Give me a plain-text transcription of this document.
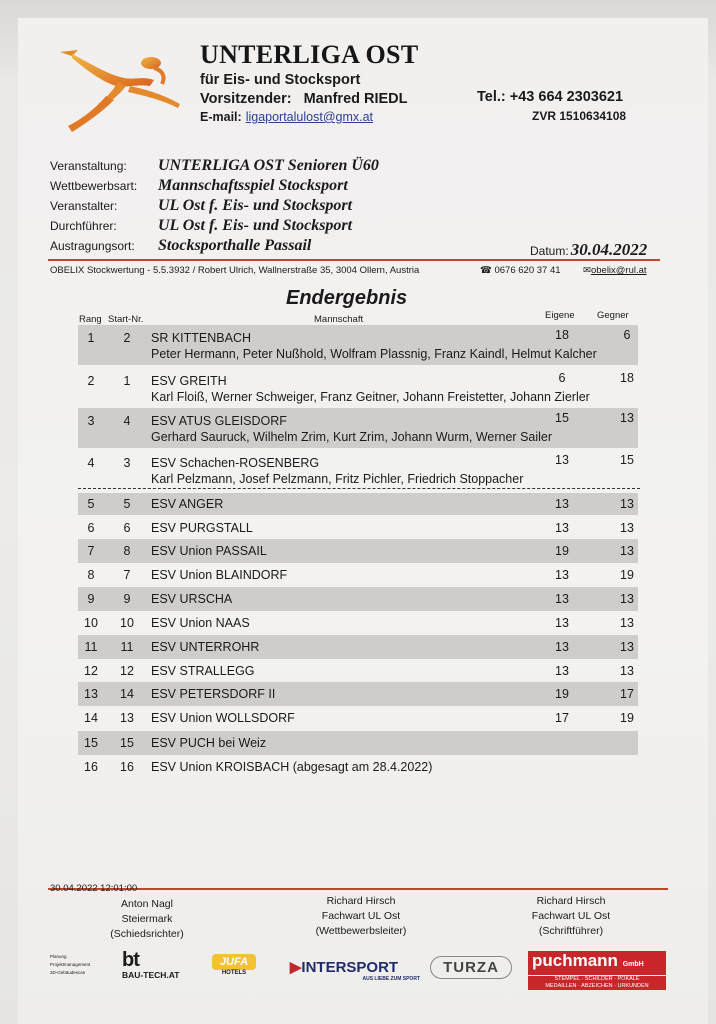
UNTERLIGA OST
für Eis- und Stocksport
Vorsitzender: Manfred RIEDL
E-mail: ligaportalulost@gmx.at
Tel.: +43 664 2303621
ZVR 1510634108
Veranstaltung:	UNTERLIGA OST Senioren Ü60
Wettbewerbsart:	Mannschaftsspiel Stocksport
Veranstalter:	UL Ost f. Eis- und Stocksport
Durchführer:	UL Ost f. Eis- und Stocksport
Austragungsort:	Stocksporthalle Passail	Datum: 30.04.2022
OBELIX Stockwertung - 5.5.3932 / Robert Ulrich, Wallnerstraße 35, 3004 Ollern, Austria	☎ 0676 620 37 41 ✉obelix@rul.at
Endergebnis
Rang Start-Nr.	Mannschaft	Eigene Gegner
1	2	SR KITTENBACH	18	6
Peter Hermann, Peter Nußhold, Wolfram Plassnig, Franz Kaindl, Helmut Kalcher
2	1	ESV GREITH	6	18
Karl Floiß, Werner Schweiger, Franz Geitner, Johann Freistetter, Johann Zierler
3	4	ESV ATUS GLEISDORF	15	13
Gerhard Sauruck, Wilhelm Zrim, Kurt Zrim, Johann Wurm, Werner Sailer
4	3	ESV Schachen-ROSENBERG	13	15
Karl Pelzmann, Josef Pelzmann, Fritz Pichler, Friedrich Stoppacher
5	5	ESV ANGER	13	13
6	6	ESV PURGSTALL	13	13
7	8	ESV Union PASSAIL	19	13
8	7	ESV Union BLAINDORF	13	19
9	9	ESV URSCHA	13	13
10	10	ESV Union NAAS	13	13
11	11	ESV UNTERROHR	13	13
12	12	ESV STRALLEGG	13	13
13	14	ESV PETERSDORF II	19	17
14	13	ESV Union WOLLSDORF	17	19
15	15	ESV PUCH bei Weiz
16	16	ESV Union KROISBACH (abgesagt am 28.4.2022)
30.04.2022 12:01:00
Anton Nagl
Steiermark
(Schiedsrichter)
Richard Hirsch
Fachwart UL Ost
(Wettbewerbsleiter)
Richard Hirsch
Fachwart UL Ost
(Schriftführer)
Planung
Projektmanagement
3D-Gebäudescan
bt
BAU-TECH.AT
JUFA
HOTELS	▶INTERSPORT
AUS LIEBE ZUM SPORT
TURZA	puchmann GmbH
STEMPEL · SCHILDER · POKALE
MEDAILLEN · ABZEICHEN · URKUNDEN
